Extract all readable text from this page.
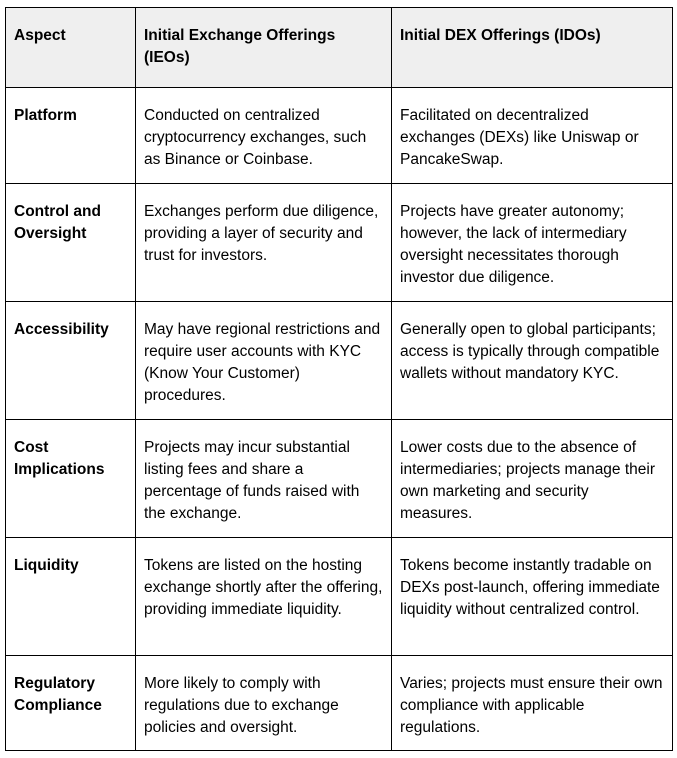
Aspect	Initial Exchange Offerings (IEOs)	Initial DEX Offerings (IDOs)
Platform	Conducted on centralized cryptocurrency exchanges, such as Binance or Coinbase.	Facilitated on decentralized exchanges (DEXs) like Uniswap or PancakeSwap.
Control and Oversight	Exchanges perform due diligence, providing a layer of security and trust for investors.	Projects have greater autonomy; however, the lack of intermediary oversight necessitates thorough investor due diligence.
Accessibility	May have regional restrictions and require user accounts with KYC (Know Your Customer) procedures.	Generally open to global participants; access is typically through compatible wallets without mandatory KYC.
Cost Implications	Projects may incur substantial listing fees and share a percentage of funds raised with the exchange.	Lower costs due to the absence of intermediaries; projects manage their own marketing and security measures.
Liquidity	Tokens are listed on the hosting exchange shortly after the offering, providing immediate liquidity.	Tokens become instantly tradable on DEXs post-launch, offering immediate liquidity without centralized control.
Regulatory Compliance	More likely to comply with regulations due to exchange policies and oversight.	Varies; projects must ensure their own compliance with applicable regulations.
